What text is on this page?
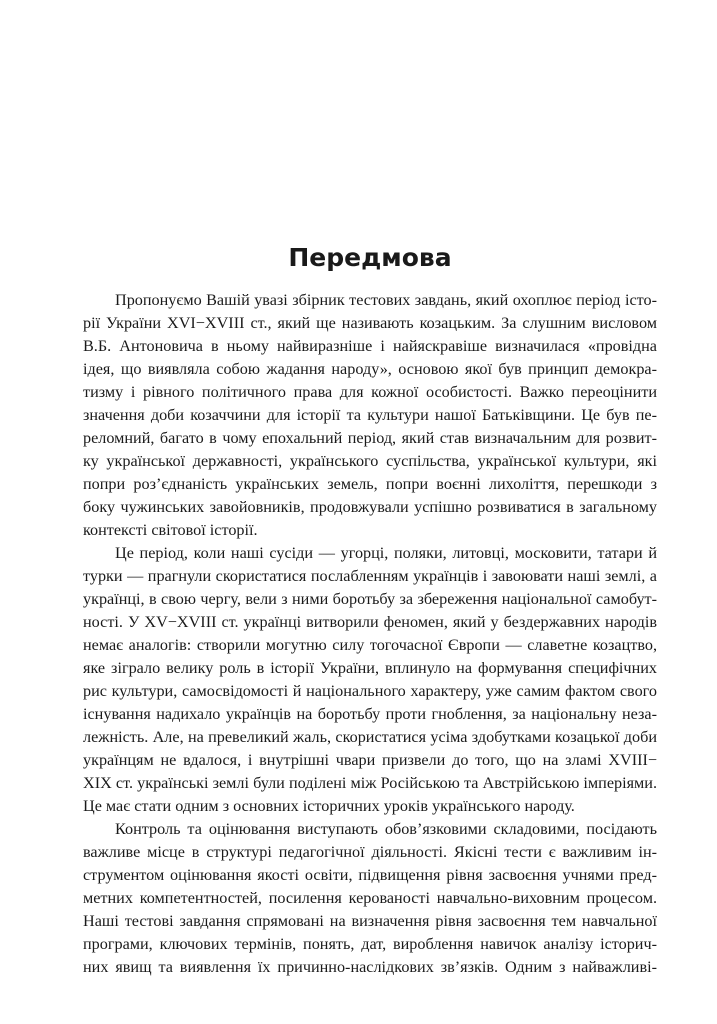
Передмова
Пропонуємо Вашій увазі збірник тестових завдань, який охоплює період істо-
рії України XVI−XVIII ст., який ще називають козацьким. За слушним висловом
В.Б. Антоновича в ньому найвиразніше і найяскравіше визначилася «провідна
ідея, що виявляла собою жадання народу», основою якої був принцип демокра-
тизму і рівного політичного права для кожної особистості. Важко переоцінити
значення доби козаччини для історії та культури нашої Батьківщини. Це був пе-
реломний, багато в чому епохальний період, який став визначальним для розвит-
ку української державності, українського суспільства, української культури, які
попри роз’єднаність українських земель, попри воєнні лихоліття, перешкоди з
боку чужинських завойовників, продовжували успішно розвиватися в загальному
контексті світової історії.
Це період, коли наші сусіди — угорці, поляки, литовці, московити, татари й
турки — прагнули скористатися послабленням українців і завоювати наші землі, а
українці, в свою чергу, вели з ними боротьбу за збереження національної самобут-
ності. У XV−XVIII ст. українці витворили феномен, який у бездержавних народів
немає аналогів: створили могутню силу тогочасної Європи — славетне козацтво,
яке зіграло велику роль в історії України, вплинуло на формування специфічних
рис культури, самосвідомості й національного характеру, уже самим фактом свого
існування надихало українців на боротьбу проти гноблення, за національну неза-
лежність. Але, на превеликий жаль, скористатися усіма здобутками козацької доби
українцям не вдалося, і внутрішні чвари призвели до того, що на зламі XVIII−
XIX ст. українські землі були поділені між Російською та Австрійською імперіями.
Це має стати одним з основних історичних уроків українського народу.
Контроль та оцінювання виступають обов’язковими складовими, посідають
важливе місце в структурі педагогічної діяльності. Якісні тести є важливим ін-
струментом оцінювання якості освіти, підвищення рівня засвоєння учнями пред-
метних компетентностей, посилення керованості навчально-виховним процесом.
Наші тестові завдання спрямовані на визначення рівня засвоєння тем навчальної
програми, ключових термінів, понять, дат, вироблення навичок аналізу історич-
них явищ та виявлення їх причинно-наслідкових зв’язків. Одним з найважливі-
